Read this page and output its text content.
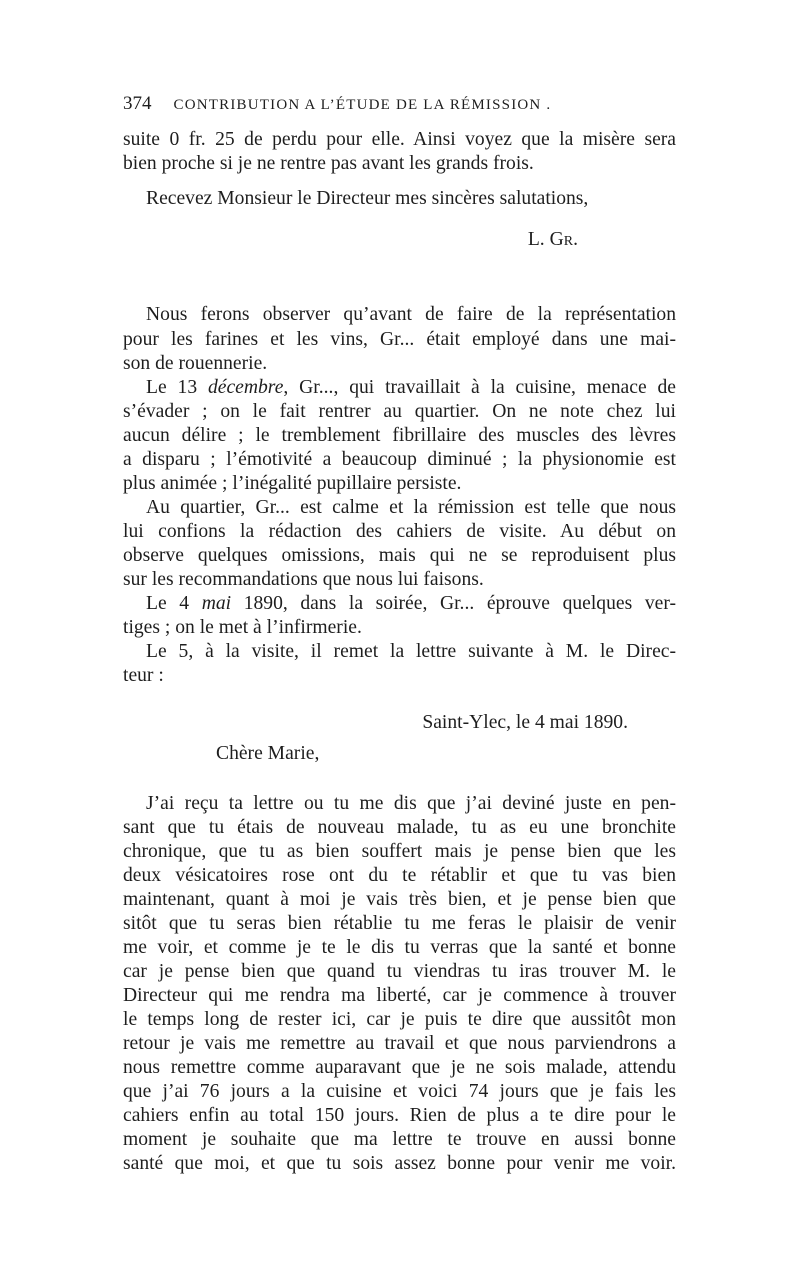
374 CONTRIBUTION A L’ÉTUDE DE LA RÉMISSION .
suite 0 fr. 25 de perdu pour elle. Ainsi voyez que la misère sera
bien proche si je ne rentre pas avant les grands frois.
Recevez Monsieur le Directeur mes sincères salutations,
L. Gr.
Nous ferons observer qu’avant de faire de la représentation
pour les farines et les vins, Gr... était employé dans une mai-
son de rouennerie.
Le 13 décembre, Gr..., qui travaillait à la cuisine, menace de
s’évader ; on le fait rentrer au quartier. On ne note chez lui
aucun délire ; le tremblement fibrillaire des muscles des lèvres
a disparu ; l’émotivité a beaucoup diminué ; la physionomie est
plus animée ; l’inégalité pupillaire persiste.
Au quartier, Gr... est calme et la rémission est telle que nous
lui confions la rédaction des cahiers de visite. Au début on
observe quelques omissions, mais qui ne se reproduisent plus
sur les recommandations que nous lui faisons.
Le 4 mai 1890, dans la soirée, Gr... éprouve quelques ver-
tiges ; on le met à l’infirmerie.
Le 5, à la visite, il remet la lettre suivante à M. le Direc-
teur :
Saint-Ylec, le 4 mai 1890.
Chère Marie,
J’ai reçu ta lettre ou tu me dis que j’ai deviné juste en pen-
sant que tu étais de nouveau malade, tu as eu une bronchite
chronique, que tu as bien souffert mais je pense bien que les
deux vésicatoires rose ont du te rétablir et que tu vas bien
maintenant, quant à moi je vais très bien, et je pense bien que
sitôt que tu seras bien rétablie tu me feras le plaisir de venir
me voir, et comme je te le dis tu verras que la santé et bonne
car je pense bien que quand tu viendras tu iras trouver M. le
Directeur qui me rendra ma liberté, car je commence à trouver
le temps long de rester ici, car je puis te dire que aussitôt mon
retour je vais me remettre au travail et que nous parviendrons a
nous remettre comme auparavant que je ne sois malade, attendu
que j’ai 76 jours a la cuisine et voici 74 jours que je fais les
cahiers enfin au total 150 jours. Rien de plus a te dire pour le
moment je souhaite que ma lettre te trouve en aussi bonne
santé que moi, et que tu sois assez bonne pour venir me voir.
